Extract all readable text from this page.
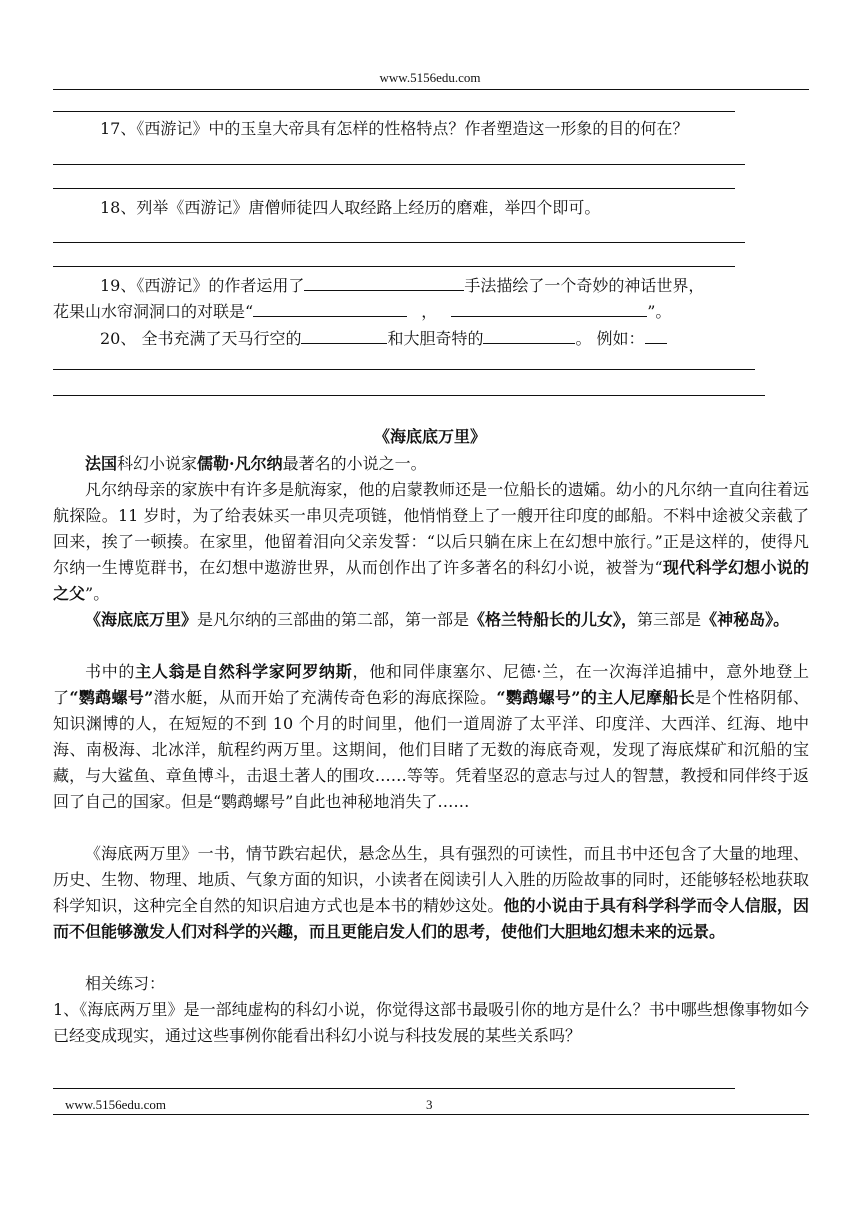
www.5156edu.com
17、《西游记》中的玉皇大帝具有怎样的性格特点？作者塑造这一形象的目的何在？
18、列举《西游记》唐僧师徒四人取经路上经历的磨难，举四个即可。
19、《西游记》的作者运用了	手法描绘了一个奇妙的神话世界，
花果山水帘洞洞口的对联是“	，	”。
20、 全书充满了天马行空的	和大胆奇特的	。 例如：
《海底底万里》
法国科幻小说家儒勒·凡尔纳最著名的小说之一。
凡尔纳母亲的家族中有许多是航海家，他的启蒙教师还是一位船长的遗孀。幼小的凡尔纳一直向往着远航探险。11 岁时，为了给表妹买一串贝壳项链，他悄悄登上了一艘开往印度的邮船。不料中途被父亲截了回来，挨了一顿揍。在家里，他留着泪向父亲发誓：“以后只躺在床上在幻想中旅行。”正是这样的，使得凡尔纳一生博览群书，在幻想中遨游世界，从而创作出了许多著名的科幻小说，被誉为“现代科学幻想小说的之父”。
《海底底万里》是凡尔纳的三部曲的第二部，第一部是《格兰特船长的儿女》，第三部是《神秘岛》。
书中的主人翁是自然科学家阿罗纳斯，他和同伴康塞尔、尼德·兰，在一次海洋追捕中，意外地登上了“鹦鹉螺号”潜水艇，从而开始了充满传奇色彩的海底探险。“鹦鹉螺号”的主人尼摩船长是个性格阴郁、知识渊博的人，在短短的不到 10 个月的时间里，他们一道周游了太平洋、印度洋、大西洋、红海、地中海、南极海、北冰洋，航程约两万里。这期间，他们目睹了无数的海底奇观，发现了海底煤矿和沉船的宝藏，与大鲨鱼、章鱼博斗，击退土著人的围攻……等等。凭着坚忍的意志与过人的智慧，教授和同伴终于返回了自己的国家。但是“鹦鹉螺号”自此也神秘地消失了……
《海底两万里》一书，情节跌宕起伏，悬念丛生，具有强烈的可读性，而且书中还包含了大量的地理、历史、生物、物理、地质、气象方面的知识，小读者在阅读引人入胜的历险故事的同时，还能够轻松地获取科学知识，这种完全自然的知识启迪方式也是本书的精妙这处。他的小说由于具有科学科学而令人信服，因而不但能够激发人们对科学的兴趣，而且更能启发人们的思考，使他们大胆地幻想未来的远景。
相关练习：
1、《海底两万里》是一部纯虚构的科幻小说，你觉得这部书最吸引你的地方是什么？书中哪些想像事物如今已经变成现实，通过这些事例你能看出科幻小说与科技发展的某些关系吗？
www.5156edu.com	3
